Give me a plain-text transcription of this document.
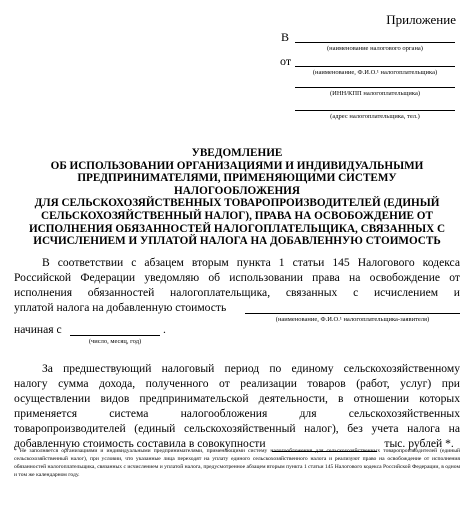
Приложение
В
(наименование налогового органа)
от
(наименование, Ф.И.О.¹ налогоплательщика)
(ИНН/КПП налогоплательщика)
(адрес налогоплательщика, тел.)
УВЕДОМЛЕНИЕ
ОБ ИСПОЛЬЗОВАНИИ ОРГАНИЗАЦИЯМИ И ИНДИВИДУАЛЬНЫМИ
ПРЕДПРИНИМАТЕЛЯМИ, ПРИМЕНЯЮЩИМИ СИСТЕМУ НАЛОГООБЛОЖЕНИЯ
ДЛЯ СЕЛЬСКОХОЗЯЙСТВЕННЫХ ТОВАРОПРОИЗВОДИТЕЛЕЙ (ЕДИНЫЙ
СЕЛЬСКОХОЗЯЙСТВЕННЫЙ НАЛОГ), ПРАВА НА ОСВОБОЖДЕНИЕ ОТ
ИСПОЛНЕНИЯ ОБЯЗАННОСТЕЙ НАЛОГОПЛАТЕЛЬЩИКА, СВЯЗАННЫХ С
ИСЧИСЛЕНИЕМ И УПЛАТОЙ НАЛОГА НА ДОБАВЛЕННУЮ СТОИМОСТЬ
В соответствии с абзацем вторым пункта 1 статьи 145 Налогового кодекса
Российской Федерации уведомляю об использовании права на освобождение от
исполнения обязанностей налогоплательщика, связанных с исчислением и
уплатой налога на добавленную стоимость
(наименование, Ф.И.О.¹ налогоплательщика-заявителя)
начиная с	.
(число, месяц, год)
За предшествующий налоговый период по единому сельскохозяйственному
налогу сумма дохода, полученного от реализации товаров (работ, услуг) при
осуществлении видов предпринимательской деятельности, в отношении которых
применяется система налогообложения для сельскохозяйственных
товаропроизводителей (единый сельскохозяйственный налог), без учета налога на
добавленную стоимость составила в совокупности	тыс. рублей *.
* Не заполняется организациями и индивидуальными предпринимателями, применяющими систему налогообложения для сельскохозяйственных товаропроизводителей (единый сельскохозяйственный налог), при условии, что указанные лица переходят на уплату единого сельскохозяйственного налога и реализуют право на освобождение от исполнения обязанностей налогоплательщика, связанных с исчислением и уплатой налога, предусмотренное абзацем вторым пункта 1 статьи 145 Налогового кодекса Российской Федерации, в одном и том же календарном году.
